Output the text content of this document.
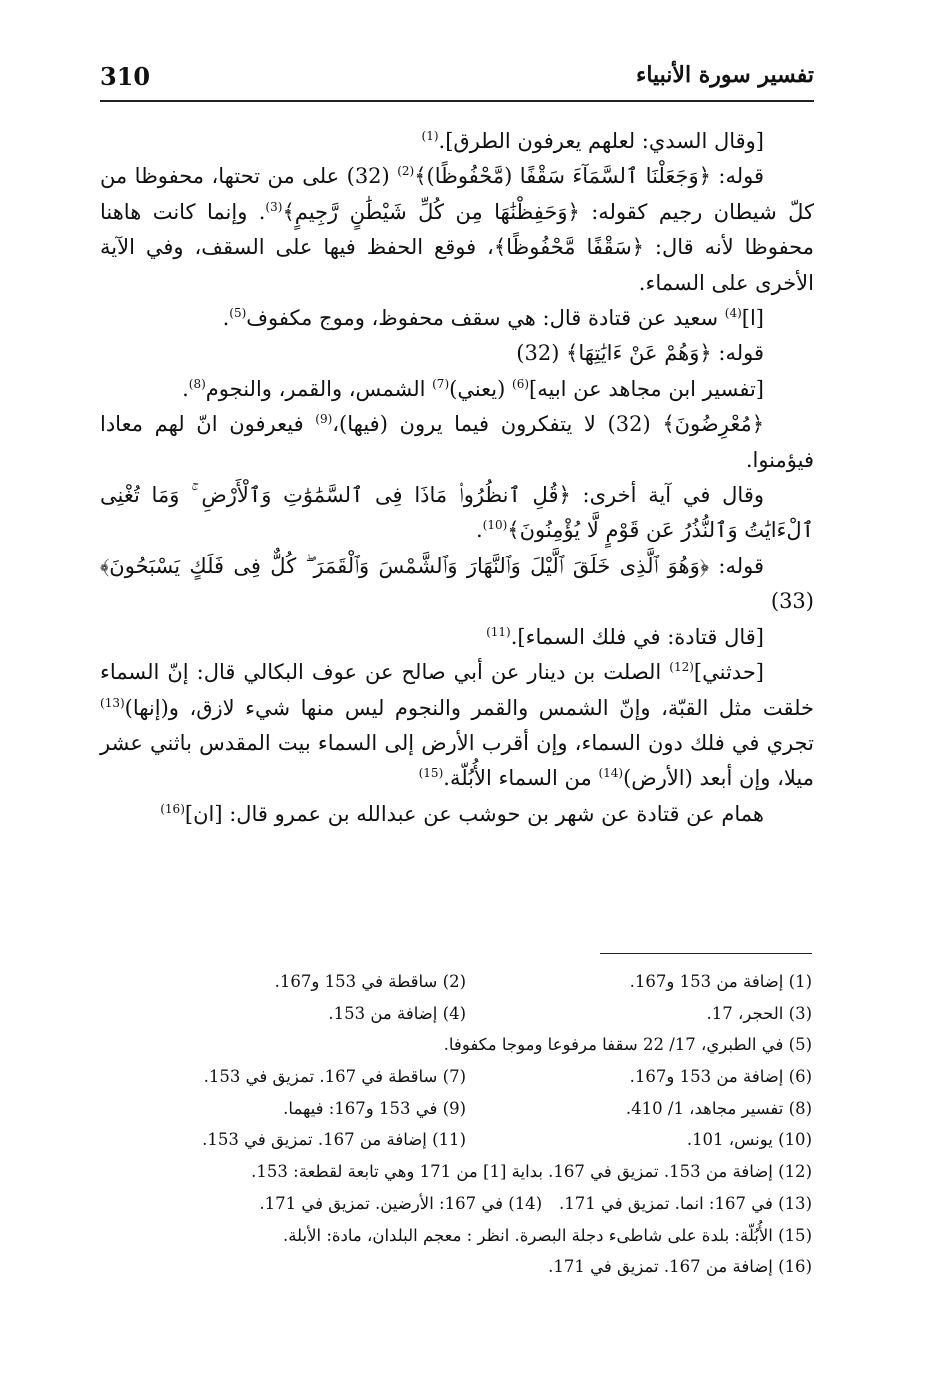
تفسير سورة الأنبياء
310

[وقال السدي: لعلهم يعرفون الطرق].$^{(1)}$

قوله: ﴿وَجَعَلْنَا ٱلسَّمَآءَ سَقْفًا (مَّحْفُوظًا)﴾$^{(2)}$ (32) على من تحتها، محفوظا من كلّ شيطان رجيم كقوله: ﴿وَحَفِظْنَٰهَا مِن كُلِّ شَيْطَٰنٍ رَّجِيمٍ﴾$^{(3)}$. وإنما كانت هاهنا محفوظا لأنه قال: ﴿سَقْفًا مَّحْفُوظًا﴾، فوقع الحفظ فيها على السقف، وفي الآية الأخرى على السماء.

[ا]$^{(4)}$ سعيد عن قتادة قال: هي سقف محفوظ، وموج مكفوف$^{(5)}$.

قوله: ﴿وَهُمْ عَنْ ءَايَٰتِهَا﴾ (32)

[تفسير ابن مجاهد عن ابيه]$^{(6)}$ (يعني)$^{(7)}$ الشمس، والقمر، والنجوم$^{(8)}$.

﴿مُعْرِضُونَ﴾ (32) لا يتفكرون فيما يرون (فيها)،$^{(9)}$ فيعرفون انّ لهم معادا فيؤمنوا.

وقال في آية أخرى: ﴿قُلِ ٱنظُرُوا۟ مَاذَا فِى ٱلسَّمَٰوَٰتِ وَٱلْأَرْضِ ۚ وَمَا تُغْنِى ٱلْءَايَٰتُ وَٱلنُّذُرُ عَن قَوْمٍ لَّا يُؤْمِنُونَ﴾$^{(10)}$.

قوله: ﴿وَهُوَ ٱلَّذِى خَلَقَ ٱلَّيْلَ وَٱلنَّهَارَ وَٱلشَّمْسَ وَٱلْقَمَرَ ۖ كُلٌّ فِى فَلَكٍ يَسْبَحُونَ﴾ (33)

[قال قتادة: في فلك السماء].$^{(11)}$

[حدثني]$^{(12)}$ الصلت بن دينار عن أبي صالح عن عوف البكالي قال: إنّ السماء خلقت مثل القبّة، وإنّ الشمس والقمر والنجوم ليس منها شيء لازق، و(إنها)$^{(13)}$ تجري في فلك دون السماء، وإن أقرب الأرض إلى السماء بيت المقدس باثني عشر ميلا، وإن أبعد (الأرض)$^{(14)}$ من السماء الأُبُلّة.$^{(15)}$

همام عن قتادة عن شهر بن حوشب عن عبدالله بن عمرو قال: [ان]$^{(16)}$

(1) إضافة من 153 و167.
(2) ساقطة في 153 و167.
(3) الحجر، 17.
(4) إضافة من 153.
(5) في الطبري، 17/ 22 سقفا مرفوعا وموجا مكفوفا.
(6) إضافة من 153 و167.
(7) ساقطة في 167. تمزيق في 153.
(8) تفسير مجاهد، 1/ 410.
(9) في 153 و167: فيهما.
(10) يونس، 101.
(11) إضافة من 167. تمزيق في 153.
(12) إضافة من 153. تمزيق في 167. بداية [1] من 171 وهي تابعة لقطعة: 153.
(13) في 167: انما. تمزيق في 171.
(14) في 167: الأرضين. تمزيق في 171.
(15) الأُبُلّة: بلدة على شاطىء دجلة البصرة. انظر : معجم البلدان، مادة: الأبلة.
(16) إضافة من 167. تمزيق في 171.
